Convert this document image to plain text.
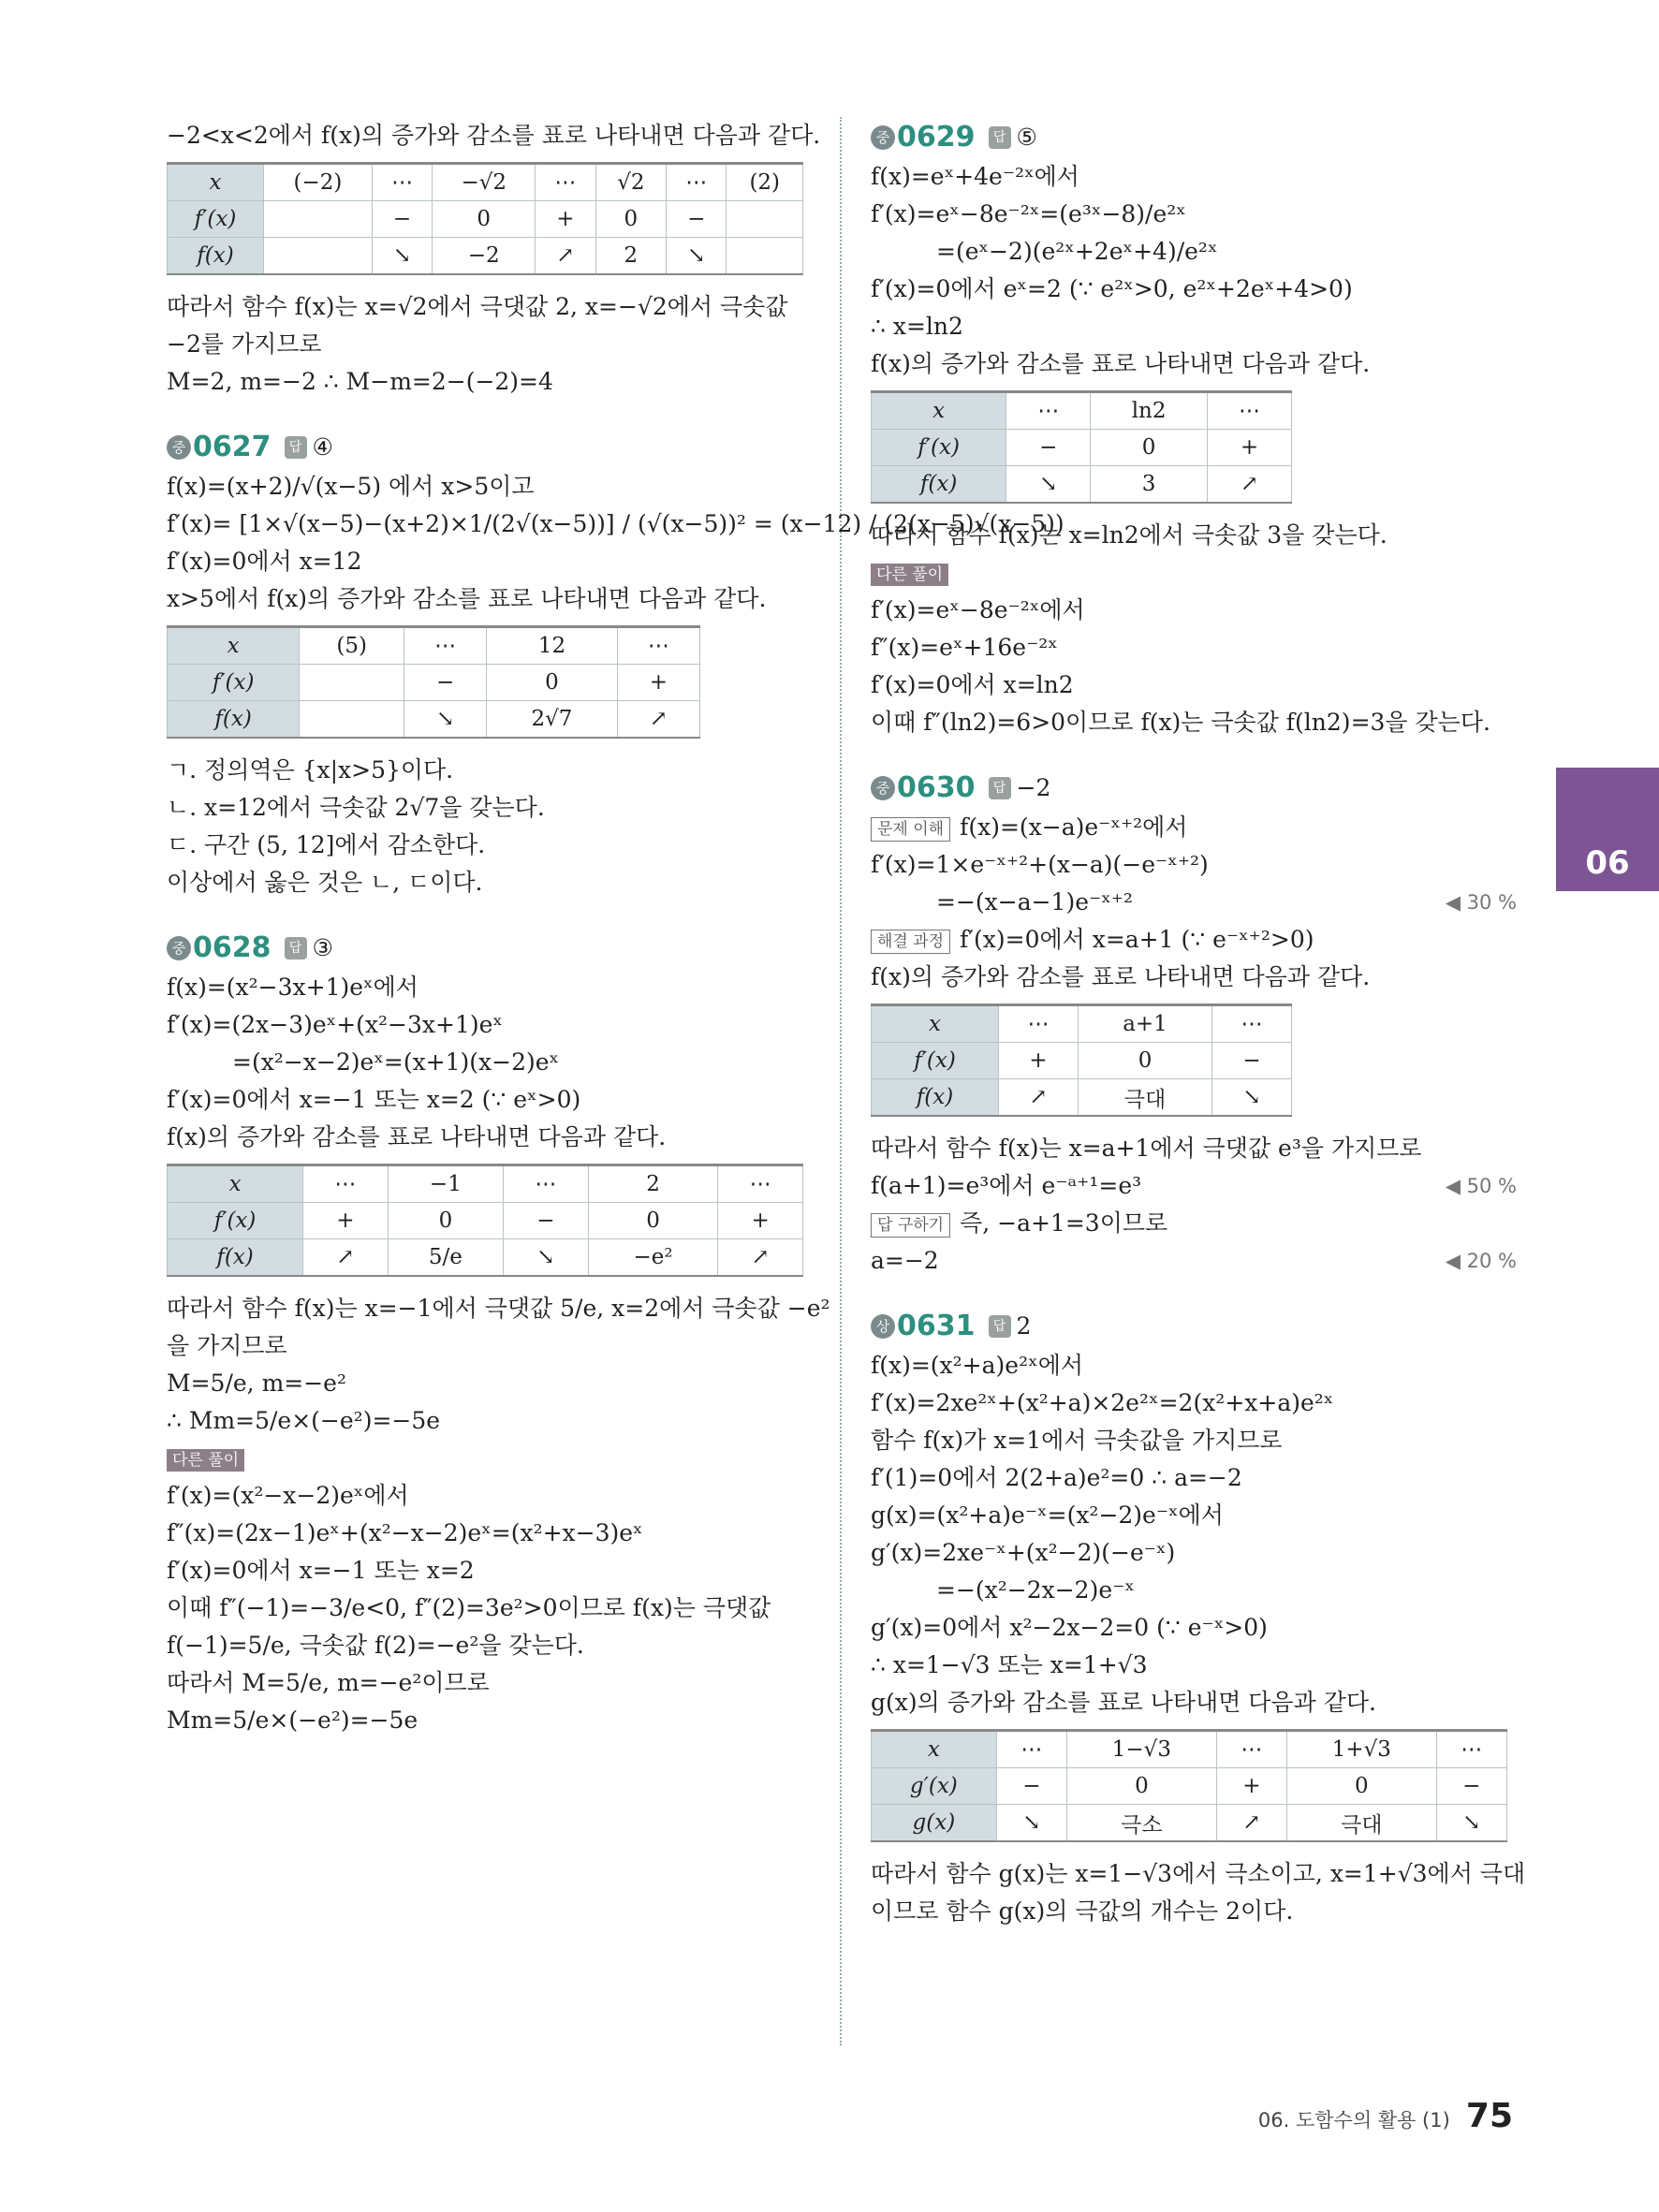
−2<x<2에서 f(x)의 증가와 감소를 표로 나타내면 다음과 같다.
x	(−2)	⋯	−√2	⋯	√2	⋯	(2)
f′(x)		−	0	+	0	−	
f(x)		↘	−2	↗	2	↘	
따라서 함수 f(x)는 x=√2에서 극댓값 2, x=−√2에서 극솟값
−2를 가지므로
M=2, m=−2 ∴ M−m=2−(−2)=4
중 0627	답 ④
f(x)=(x+2)/√(x−5) 에서 x>5이고
f′(x)= [1×√(x−5)−(x+2)×1/(2√(x−5))] / (√(x−5))² = (x−12) / (2(x−5)√(x−5))
f′(x)=0에서 x=12
x>5에서 f(x)의 증가와 감소를 표로 나타내면 다음과 같다.
x	(5)	⋯	12	⋯
f′(x)		−	0	+
f(x)		↘	2√7	↗
ㄱ. 정의역은 {x|x>5}이다.
ㄴ. x=12에서 극솟값 2√7을 갖는다.
ㄷ. 구간 (5, 12]에서 감소한다.
이상에서 옳은 것은 ㄴ, ㄷ이다.
중 0628	답 ③
f(x)=(x²−3x+1)eˣ에서
f′(x)=(2x−3)eˣ+(x²−3x+1)eˣ
=(x²−x−2)eˣ=(x+1)(x−2)eˣ
f′(x)=0에서 x=−1 또는 x=2 (∵ eˣ>0)
f(x)의 증가와 감소를 표로 나타내면 다음과 같다.
x	⋯	−1	⋯	2	⋯
f′(x)	+	0	−	0	+
f(x)	↗	5/e	↘	−e²	↗
따라서 함수 f(x)는 x=−1에서 극댓값 5/e, x=2에서 극솟값 −e²
을 가지므로
M=5/e, m=−e²
∴ Mm=5/e×(−e²)=−5e
다른 풀이
f′(x)=(x²−x−2)eˣ에서
f″(x)=(2x−1)eˣ+(x²−x−2)eˣ=(x²+x−3)eˣ
f′(x)=0에서 x=−1 또는 x=2
이때 f″(−1)=−3/e<0, f″(2)=3e²>0이므로 f(x)는 극댓값
f(−1)=5/e, 극솟값 f(2)=−e²을 갖는다.
따라서 M=5/e, m=−e²이므로
Mm=5/e×(−e²)=−5e
중 0629	답 ⑤
f(x)=eˣ+4e⁻²ˣ에서
f′(x)=eˣ−8e⁻²ˣ=(e³ˣ−8)/e²ˣ
=(eˣ−2)(e²ˣ+2eˣ+4)/e²ˣ
f′(x)=0에서 eˣ=2 (∵ e²ˣ>0, e²ˣ+2eˣ+4>0)
∴ x=ln2
f(x)의 증가와 감소를 표로 나타내면 다음과 같다.
x	⋯	ln2	⋯
f′(x)	−	0	+
f(x)	↘	3	↗
따라서 함수 f(x)는 x=ln2에서 극솟값 3을 갖는다.
다른 풀이
f′(x)=eˣ−8e⁻²ˣ에서
f″(x)=eˣ+16e⁻²ˣ
f′(x)=0에서 x=ln2
이때 f″(ln2)=6>0이므로 f(x)는 극솟값 f(ln2)=3을 갖는다.
중 0630	답 −2
문제 이해 f(x)=(x−a)e⁻ˣ⁺²에서
f′(x)=1×e⁻ˣ⁺²+(x−a)(−e⁻ˣ⁺²)
=−(x−a−1)e⁻ˣ⁺²	◀ 30 %
해결 과정 f′(x)=0에서 x=a+1 (∵ e⁻ˣ⁺²>0)
f(x)의 증가와 감소를 표로 나타내면 다음과 같다.
x	⋯	a+1	⋯
f′(x)	+	0	−
f(x)	↗	극대	↘
따라서 함수 f(x)는 x=a+1에서 극댓값 e³을 가지므로
f(a+1)=e³에서 e⁻ᵃ⁺¹=e³	◀ 50 %
답 구하기 즉, −a+1=3이므로
a=−2	◀ 20 %
상 0631	답 2
f(x)=(x²+a)e²ˣ에서
f′(x)=2xe²ˣ+(x²+a)×2e²ˣ=2(x²+x+a)e²ˣ
함수 f(x)가 x=1에서 극솟값을 가지므로
f′(1)=0에서 2(2+a)e²=0 ∴ a=−2
g(x)=(x²+a)e⁻ˣ=(x²−2)e⁻ˣ에서
g′(x)=2xe⁻ˣ+(x²−2)(−e⁻ˣ)
=−(x²−2x−2)e⁻ˣ
g′(x)=0에서 x²−2x−2=0 (∵ e⁻ˣ>0)
∴ x=1−√3 또는 x=1+√3
g(x)의 증가와 감소를 표로 나타내면 다음과 같다.
x	⋯	1−√3	⋯	1+√3	⋯
g′(x)	−	0	+	0	−
g(x)	↘	극소	↗	극대	↘
따라서 함수 g(x)는 x=1−√3에서 극소이고, x=1+√3에서 극대
이므로 함수 g(x)의 극값의 개수는 2이다.
06
06. 도함수의 활용 (1) 75
